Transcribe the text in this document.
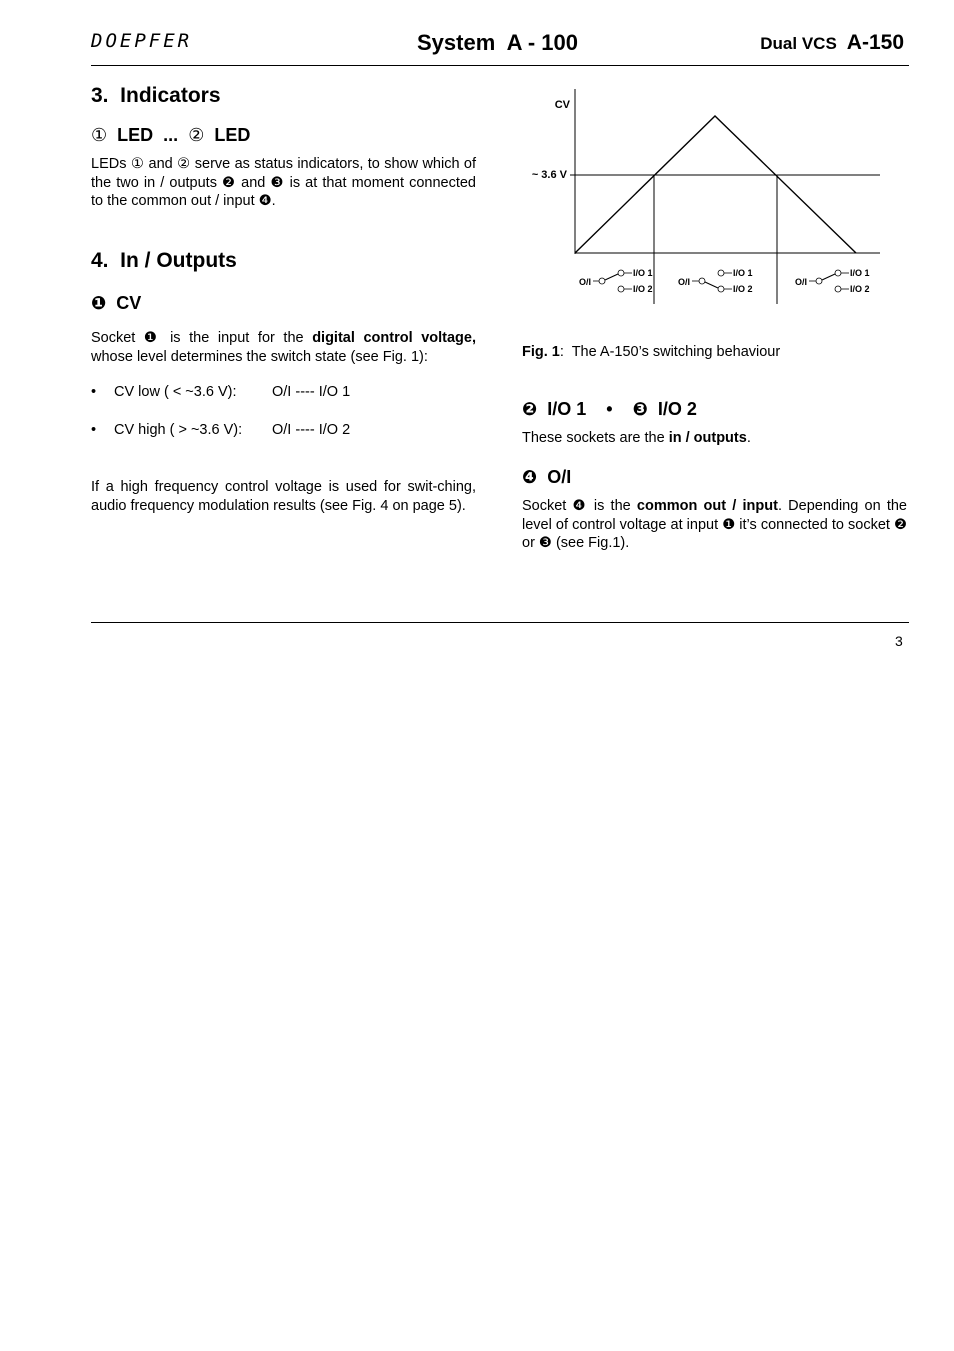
DOEPFER	System  A - 100	Dual VCS A-150
3.  Indicators
① LED ... ② LED
LEDs ① and ② serve as status indicators, to show which of the two in / outputs ❷ and ❸ is at that moment connected to the common out / input ❹.
4.  In / Outputs
❶ CV
Socket ❶ is the input for the digital control voltage, whose level determines the switch state (see Fig. 1):
• CV low ( < ~3.6 V): O/I ---- I/O 1
• CV high ( > ~3.6 V): O/I ---- I/O 2
If a high frequency control voltage is used for swit-ching, audio frequency modulation results (see Fig. 4 on page 5).
CV
~ 3.6 V
O/I
I/O 1
I/O 2
O/I
I/O 1
I/O 2
O/I
I/O 1
I/O 2
Fig. 1:  The A-150’s switching behaviour
❷ I/O 1 • ❸ I/O 2
These sockets are the in / outputs.
❹ O/I
Socket ❹ is the common out / input. Depending on the level of control voltage at input ❶ it’s connected to socket ❷ or ❸ (see Fig.1).
3
